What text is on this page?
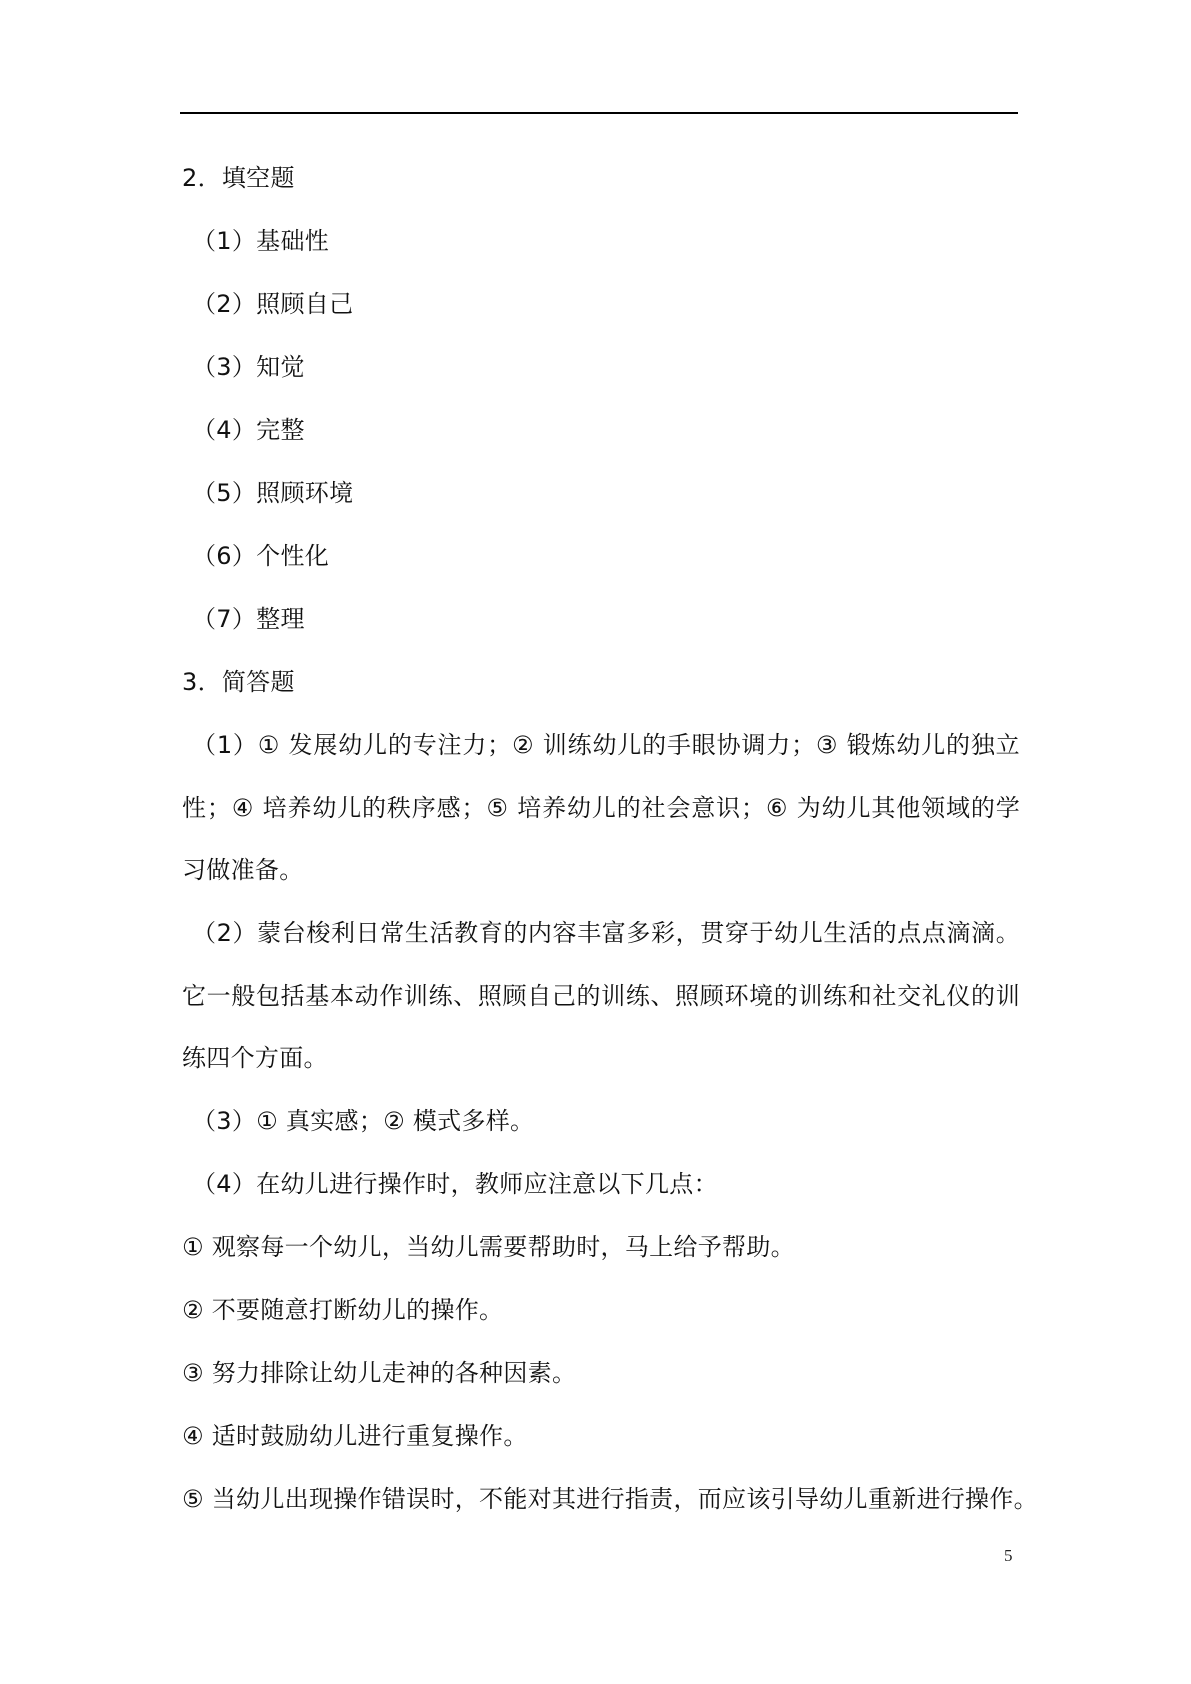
2．填空题
（1）基础性
（2）照顾自己
（3）知觉
（4）完整
（5）照顾环境
（6）个性化
（7）整理
3．简答题
（1）① 发展幼儿的专注力；② 训练幼儿的手眼协调力；③ 锻炼幼儿的独立性；④ 培养幼儿的秩序感；⑤ 培养幼儿的社会意识；⑥ 为幼儿其他领域的学习做准备。
（2）蒙台梭利日常生活教育的内容丰富多彩，贯穿于幼儿生活的点点滴滴。它一般包括基本动作训练、照顾自己的训练、照顾环境的训练和社交礼仪的训练四个方面。
（3）① 真实感；② 模式多样。
（4）在幼儿进行操作时，教师应注意以下几点：
① 观察每一个幼儿，当幼儿需要帮助时，马上给予帮助。
② 不要随意打断幼儿的操作。
③ 努力排除让幼儿走神的各种因素。
④ 适时鼓励幼儿进行重复操作。
⑤ 当幼儿出现操作错误时，不能对其进行指责，而应该引导幼儿重新进行操作。
5
